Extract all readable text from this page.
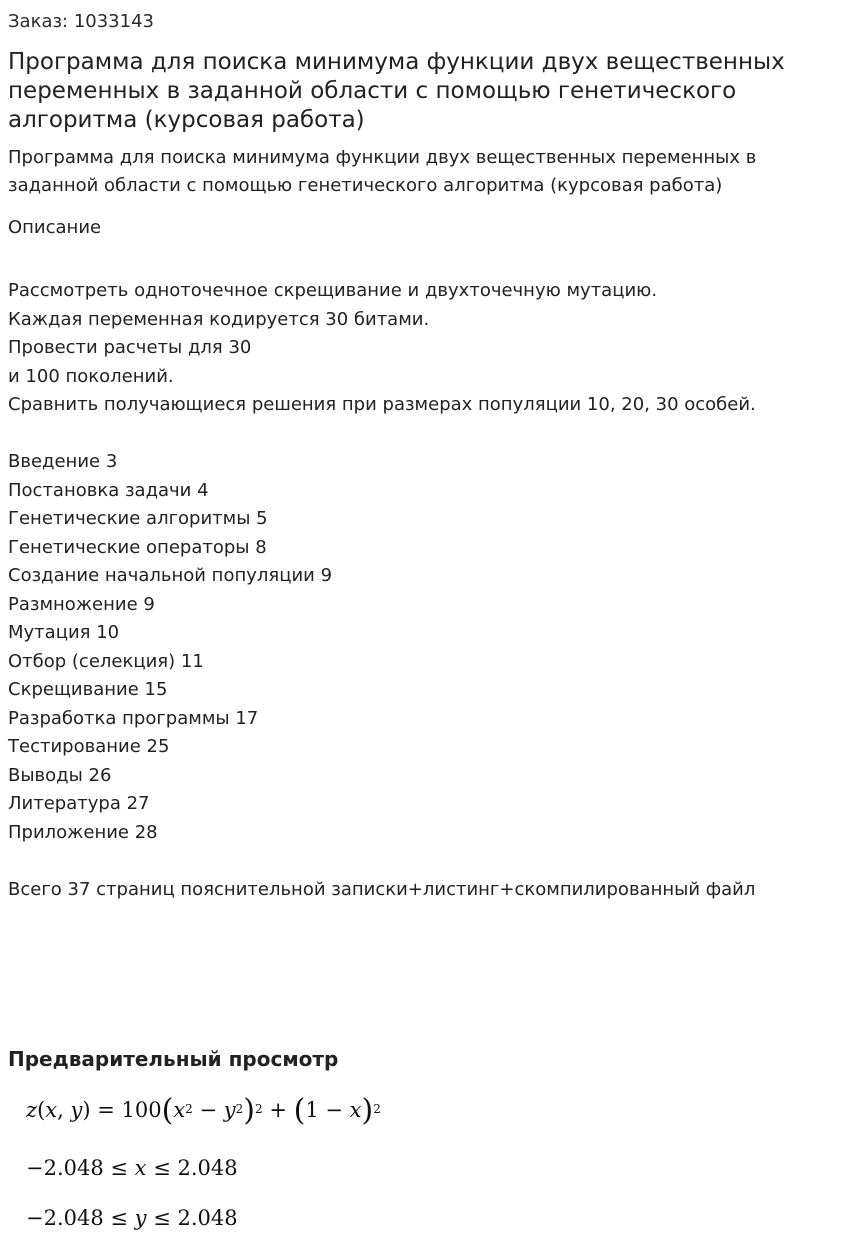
Заказ: 1033143
Программа для поиска минимума функции двух вещественных переменных в заданной области с помощью генетического алгоритма (курсовая работа)
Программа для поиска минимума функции двух вещественных переменных в заданной области с помощью генетического алгоритма (курсовая работа)
Описание
Рассмотреть одноточечное скрещивание и двухточечную мутацию.
Каждая переменная кодируется 30 битами.
Провести расчеты для 30
и 100 поколений.
Сравнить получающиеся решения при размерах популяции 10, 20, 30 особей.
Введение 3
Постановка задачи 4
Генетические алгоритмы 5
Генетические операторы 8
Создание начальной популяции 9
Размножение 9
Мутация 10
Отбор (селекция) 11
Скрещивание 15
Разработка программы 17
Тестирование 25
Выводы 26
Литература 27
Приложение 28
Всего 37 страниц пояснительной записки+листинг+скомпилированный файл
Предварительный просмотр
z(x, $y) = 100(x^2 - y^2)^2 + (1 - x)^2$
−2.048 ≤ x ≤ 2.048
−2.048 ≤ y ≤ 2.048
